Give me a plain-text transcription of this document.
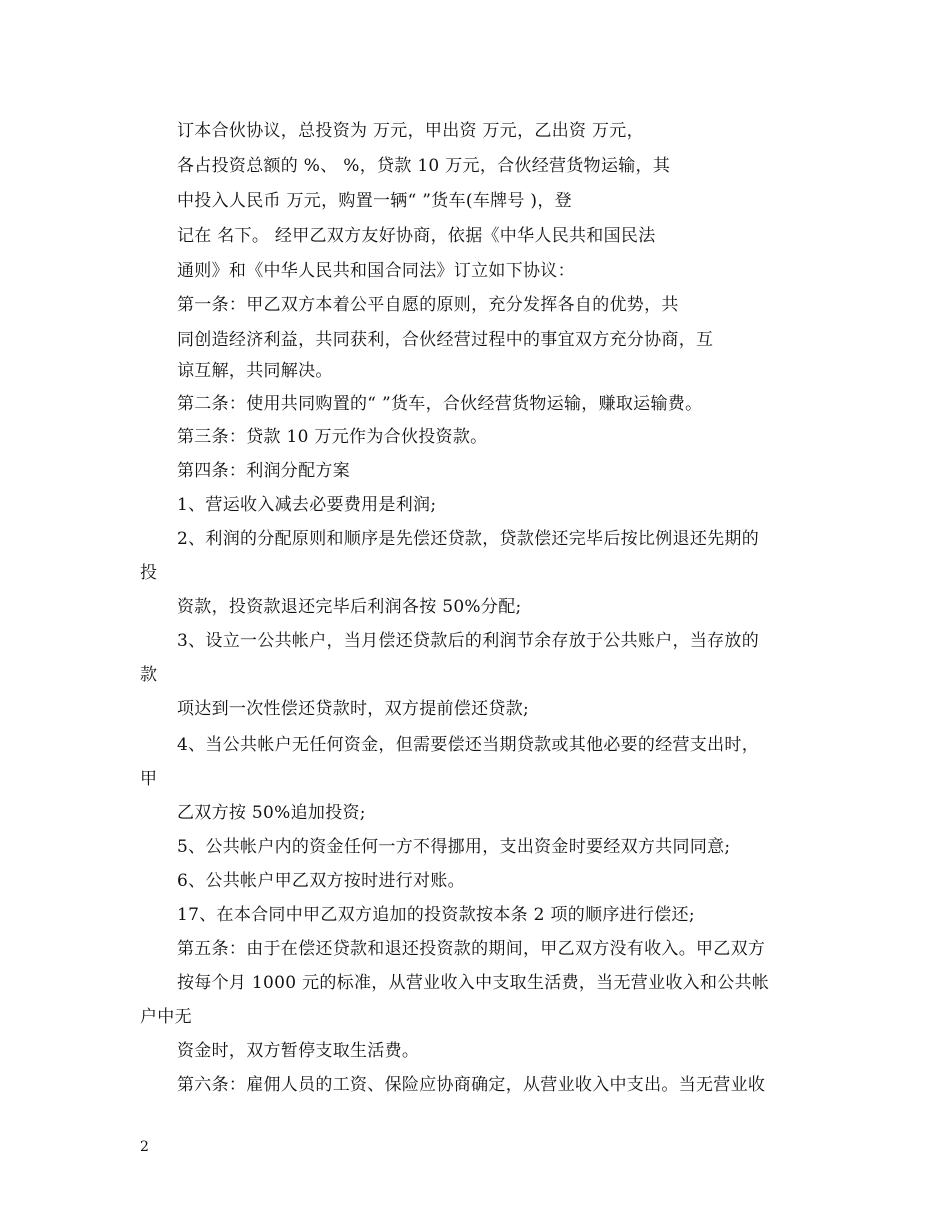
订本合伙协议，总投资为 万元，甲出资 万元，乙出资 万元，
各占投资总额的 %、 %，贷款 10 万元，合伙经营货物运输，其
中投入人民币 万元，购置一辆“ ”货车(车牌号 )，登
记在 名下。 经甲乙双方友好协商，依据《中华人民共和国民法
通则》和《中华人民共和国合同法》订立如下协议：
第一条：甲乙双方本着公平自愿的原则，充分发挥各自的优势，共
同创造经济利益，共同获利，合伙经营过程中的事宜双方充分协商，互
谅互解，共同解决。
第二条：使用共同购置的“ ”货车，合伙经营货物运输，赚取运输费。
第三条：贷款 10 万元作为合伙投资款。
第四条：利润分配方案
1、营运收入减去必要费用是利润;
2、利润的分配原则和顺序是先偿还贷款，贷款偿还完毕后按比例退还先期的
投
资款，投资款退还完毕后利润各按 50%分配;
3、设立一公共帐户，当月偿还贷款后的利润节余存放于公共账户，当存放的
款
项达到一次性偿还贷款时，双方提前偿还贷款;
4、当公共帐户无任何资金，但需要偿还当期贷款或其他必要的经营支出时，
甲
乙双方按 50%追加投资;
5、公共帐户内的资金任何一方不得挪用，支出资金时要经双方共同同意;
6、公共帐户甲乙双方按时进行对账。
17、在本合同中甲乙双方追加的投资款按本条 2 项的顺序进行偿还;
第五条：由于在偿还贷款和退还投资款的期间，甲乙双方没有收入。甲乙双方
按每个月 1000 元的标准，从营业收入中支取生活费，当无营业收入和公共帐
户中无
资金时，双方暂停支取生活费。
第六条：雇佣人员的工资、保险应协商确定，从营业收入中支出。当无营业收
2
